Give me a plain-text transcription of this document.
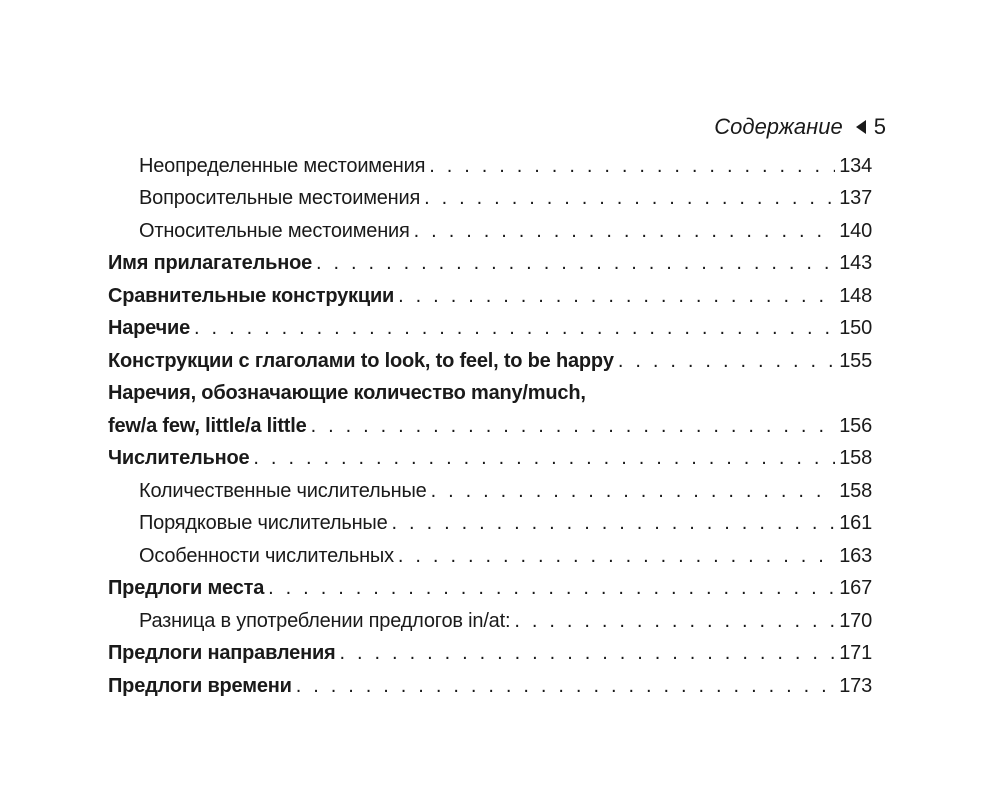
Содержание 5
Неопределенные местоимения . . .	134
Вопросительные местоимения . . .	137
Относительные местоимения . . .	140
Имя прилагательное . . .	143
Сравнительные конструкции . . .	148
Наречие . . .	150
Конструкции с глаголами to look, to feel, to be happy . . .	155
Наречия, обозначающие количество many/much,
few/a few, little/a little . . .	156
Числительное . . .	158
Количественные числительные . . .	158
Порядковые числительные . . .	161
Особенности числительных . . .	163
Предлоги места . . .	167
Разница в употреблении предлогов in/at: . . .	170
Предлоги направления . . .	171
Предлоги времени . . .	173
